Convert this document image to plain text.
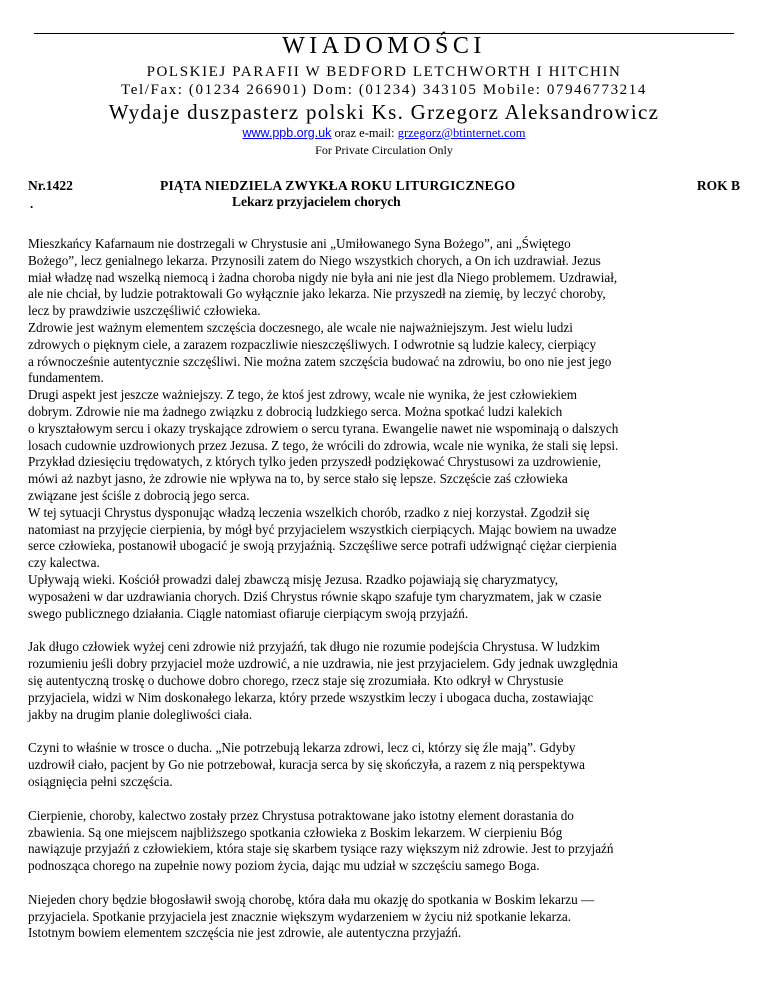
WIADOMOŚCI
POLSKIEJ PARAFII W BEDFORD LETCHWORTH I HITCHIN
Tel/Fax: (01234 266901) Dom: (01234) 343105 Mobile: 07946773214
Wydaje duszpasterz polski Ks. Grzegorz Aleksandrowicz
www.ppb.org.uk oraz e-mail: grzegorz@btinternet.com
For Private Circulation Only
Nr.1422	PIĄTA NIEDZIELA ZWYKŁA ROKU LITURGICZNEGO	ROK B
.	Lekarz przyjacielem chorych
Mieszkańcy Kafarnaum nie dostrzegali w Chrystusie ani „Umiłowanego Syna Bożego”, ani „Świętego
Bożego”, lecz genialnego lekarza. Przynosili zatem do Niego wszystkich chorych, a On ich uzdrawiał. Jezus
miał władzę nad wszelką niemocą i żadna choroba nigdy nie była ani nie jest dla Niego problemem. Uzdrawiał,
ale nie chciał, by ludzie potraktowali Go wyłącznie jako lekarza. Nie przyszedł na ziemię, by leczyć choroby,
lecz by prawdziwie uszczęśliwić człowieka.
Zdrowie jest ważnym elementem szczęścia doczesnego, ale wcale nie najważniejszym. Jest wielu ludzi
zdrowych o pięknym ciele, a zarazem rozpaczliwie nieszczęśliwych. I odwrotnie są ludzie kalecy, cierpiący
a równocześnie autentycznie szczęśliwi. Nie można zatem szczęścia budować na zdrowiu, bo ono nie jest jego
fundamentem.
Drugi aspekt jest jeszcze ważniejszy. Z tego, że ktoś jest zdrowy, wcale nie wynika, że jest człowiekiem
dobrym. Zdrowie nie ma żadnego związku z dobrocią ludzkiego serca. Można spotkać ludzi kalekich
o kryształowym sercu i okazy tryskające zdrowiem o sercu tyrana. Ewangelie nawet nie wspominają o dalszych
losach cudownie uzdrowionych przez Jezusa. Z tego, że wrócili do zdrowia, wcale nie wynika, że stali się lepsi.
Przykład dziesięciu trędowatych, z których tylko jeden przyszedł podziękować Chrystusowi za uzdrowienie,
mówi aż nazbyt jasno, że zdrowie nie wpływa na to, by serce stało się lepsze. Szczęście zaś człowieka
związane jest ściśle z dobrocią jego serca.
W tej sytuacji Chrystus dysponując władzą leczenia wszelkich chorób, rzadko z niej korzystał. Zgodził się
natomiast na przyjęcie cierpienia, by mógł być przyjacielem wszystkich cierpiących. Mając bowiem na uwadze
serce człowieka, postanowił ubogacić je swoją przyjaźnią. Szczęśliwe serce potrafi udźwignąć ciężar cierpienia
czy kalectwa.
Upływają wieki. Kościół prowadzi dalej zbawczą misję Jezusa. Rzadko pojawiają się charyzmatycy,
wyposażeni w dar uzdrawiania chorych. Dziś Chrystus równie skąpo szafuje tym charyzmatem, jak w czasie
swego publicznego działania. Ciągle natomiast ofiaruje cierpiącym swoją przyjaźń.
Jak długo człowiek wyżej ceni zdrowie niż przyjaźń, tak długo nie rozumie podejścia Chrystusa. W ludzkim
rozumieniu jeśli dobry przyjaciel może uzdrowić, a nie uzdrawia, nie jest przyjacielem. Gdy jednak uwzględnia
się autentyczną troskę o duchowe dobro chorego, rzecz staje się zrozumiała. Kto odkrył w Chrystusie
przyjaciela, widzi w Nim doskonałego lekarza, który przede wszystkim leczy i ubogaca ducha, zostawiając
jakby na drugim planie dolegliwości ciała.
Czyni to właśnie w trosce o ducha. „Nie potrzebują lekarza zdrowi, lecz ci, którzy się źle mają”. Gdyby
uzdrowił ciało, pacjent by Go nie potrzebował, kuracja serca by się skończyła, a razem z nią perspektywa
osiągnięcia pełni szczęścia.
Cierpienie, choroby, kalectwo zostały przez Chrystusa potraktowane jako istotny element dorastania do
zbawienia. Są one miejscem najbliższego spotkania człowieka z Boskim lekarzem. W cierpieniu Bóg
nawiązuje przyjaźń z człowiekiem, która staje się skarbem tysiące razy większym niż zdrowie. Jest to przyjaźń
podnosząca chorego na zupełnie nowy poziom życia, dając mu udział w szczęściu samego Boga.
Niejeden chory będzie błogosławił swoją chorobę, która dała mu okazję do spotkania w Boskim lekarzu —
przyjaciela. Spotkanie przyjaciela jest znacznie większym wydarzeniem w życiu niż spotkanie lekarza.
Istotnym bowiem elementem szczęścia nie jest zdrowie, ale autentyczna przyjaźń.
